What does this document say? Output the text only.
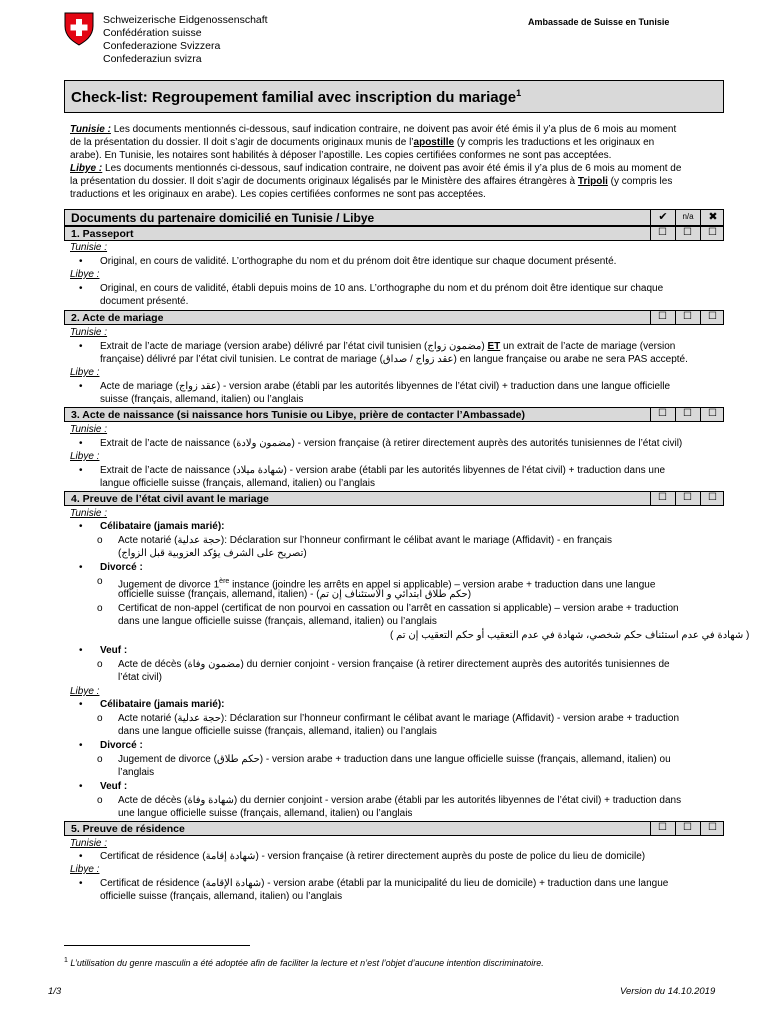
Schweizerische Eidgenossenschaft
Confédération suisse
Confederazione Svizzera
Confederaziun svizra
Ambassade de Suisse en Tunisie
Check-list: Regroupement familial avec inscription du mariage$^1$
Tunisie : Les documents mentionnés ci-dessous, sauf indication contraire, ne doivent pas avoir été émis il y’a plus de 6 mois au moment
de la présentation du dossier. Il doit s’agir de documents originaux munis de l’apostille (y compris les traductions et les originaux en
arabe). En Tunisie, les notaires sont habilités à déposer l’apostille. Les copies certifiées conformes ne sont pas acceptées.
Libye : Les documents mentionnés ci-dessous, sauf indication contraire, ne doivent pas avoir été émis il y’a plus de 6 mois au moment de
la présentation du dossier. Il doit s’agir de documents originaux légalisés par le Ministère des affaires étrangères à Tripoli (y compris les
traductions et les originaux en arabe). Les copies certifiées conformes ne sont pas acceptées.
Documents du partenaire domicilié en Tunisie / Libye	✔	n/a	✖
1. Passeport	☐	☐	☐
Tunisie :
• Original, en cours de validité. L’orthographe du nom et du prénom doit être identique sur chaque document présenté.
Libye :
• Original, en cours de validité, établi depuis moins de 10 ans. L’orthographe du nom et du prénom doit être identique sur chaque
document présenté.
2. Acte de mariage	☐	☐	☐
Tunisie :
• Extrait de l’acte de mariage (version arabe) délivré par l’état civil tunisien (مضمون زواج) ET un extrait de l’acte de mariage (version
française) délivré par l’état civil tunisien. Le contrat de mariage (عقد زواج / صداق) en langue française ou arabe ne sera PAS accepté.
Libye :
• Acte de mariage (عقد زواج) - version arabe (établi par les autorités libyennes de l’état civil) + traduction dans une langue officielle
suisse (français, allemand, italien) ou l’anglais
3. Acte de naissance (si naissance hors Tunisie ou Libye, prière de contacter l’Ambassade)	☐	☐	☐
Tunisie :
• Extrait de l’acte de naissance (مضمون ولادة) - version française (à retirer directement auprès des autorités tunisiennes de l’état civil)
Libye :
• Extrait de l’acte de naissance (شهادة ميلاد) - version arabe (établi par les autorités libyennes de l’état civil) + traduction dans une
langue officielle suisse (français, allemand, italien) ou l’anglais
4. Preuve de l’état civil avant le mariage	☐	☐	☐
Tunisie :
• Célibataire (jamais marié):
o Acte notarié (حجة عدلية): Déclaration sur l’honneur confirmant le célibat avant le mariage (Affidavit) - en français
(تصريح على الشرف يؤكد العزوبية قبل الزواج)
• Divorcé :
o Jugement de divorce 1ère instance (joindre les arrêts en appel si applicable) – version arabe + traduction dans une langue
officielle suisse (français, allemand, italien) - (حكم طلاق ابتدائي و الاستئناف إن تم)
o Certificat de non-appel (certificat de non pourvoi en cassation ou l’arrêt en cassation si applicable) – version arabe + traduction
dans une langue officielle suisse (français, allemand, italien) ou l’anglais
( شهادة في عدم استئناف حكم شخصي، شهادة في عدم التعقيب أو حكم التعقيب إن تم )
• Veuf :
o Acte de décès (مضمون وفاة) du dernier conjoint - version française (à retirer directement auprès des autorités tunisiennes de
l’état civil)
Libye :
• Célibataire (jamais marié):
o Acte notarié (حجة عدلية): Déclaration sur l’honneur confirmant le célibat avant le mariage (Affidavit) - version arabe + traduction
dans une langue officielle suisse (français, allemand, italien) ou l’anglais
• Divorcé :
o Jugement de divorce (حكم طلاق) - version arabe + traduction dans une langue officielle suisse (français, allemand, italien) ou
l’anglais
• Veuf :
o Acte de décès (شهادة وفاة) du dernier conjoint - version arabe (établi par les autorités libyennes de l’état civil) + traduction dans
une langue officielle suisse (français, allemand, italien) ou l’anglais
5. Preuve de résidence	☐	☐	☐
Tunisie :
• Certificat de résidence (شهادة إقامة) - version française (à retirer directement auprès du poste de police du lieu de domicile)
Libye :
• Certificat de résidence (شهادة الإقامة) - version arabe (établi par la municipalité du lieu de domicile) + traduction dans une langue
officielle suisse (français, allemand, italien) ou l’anglais
$^1$ L’utilisation du genre masculin a été adoptée afin de faciliter la lecture et n’est l’objet d’aucune intention discriminatoire.
1/3	Version du 14.10.2019
